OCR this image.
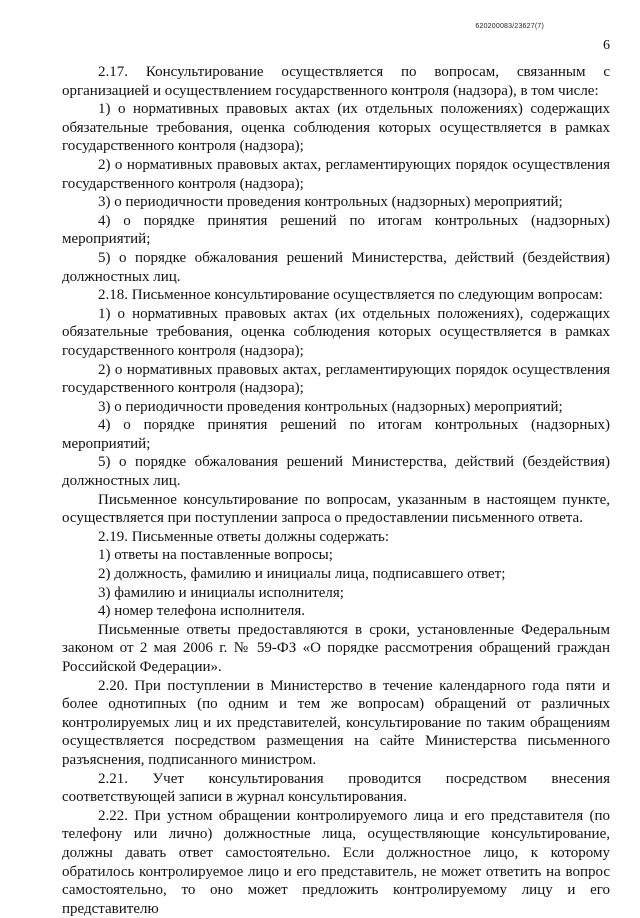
620200083/23627(7)
6

2.17. Консультирование осуществляется по вопросам, связанным с организацией и осуществлением государственного контроля (надзора), в том числе:

1) о нормативных правовых актах (их отдельных положениях) содержащих обязательные требования, оценка соблюдения которых осуществляется в рамках государственного контроля (надзора);

2) о нормативных правовых актах, регламентирующих порядок осуществления государственного контроля (надзора);

3) о периодичности проведения контрольных (надзорных) мероприятий;

4) о порядке принятия решений по итогам контрольных (надзорных) мероприятий;

5) о порядке обжалования решений Министерства, действий (бездействия) должностных лиц.

2.18. Письменное консультирование осуществляется по следующим вопросам:

1) о нормативных правовых актах (их отдельных положениях), содержащих обязательные требования, оценка соблюдения которых осуществляется в рамках государственного контроля (надзора);

2) о нормативных правовых актах, регламентирующих порядок осуществления государственного контроля (надзора);

3) о периодичности проведения контрольных (надзорных) мероприятий;

4) о порядке принятия решений по итогам контрольных (надзорных) мероприятий;

5) о порядке обжалования решений Министерства, действий (бездействия) должностных лиц.

Письменное консультирование по вопросам, указанным в настоящем пункте, осуществляется при поступлении запроса о предоставлении письменного ответа.

2.19. Письменные ответы должны содержать:

1) ответы на поставленные вопросы;

2) должность, фамилию и инициалы лица, подписавшего ответ;

3) фамилию и инициалы исполнителя;

4) номер телефона исполнителя.

Письменные ответы предоставляются в сроки, установленные Федеральным законом от 2 мая 2006 г. № 59-ФЗ «О порядке рассмотрения обращений граждан Российской Федерации».

2.20. При поступлении в Министерство в течение календарного года пяти и более однотипных (по одним и тем же вопросам) обращений от различных контролируемых лиц и их представителей, консультирование по таким обращениям осуществляется посредством размещения на сайте Министерства письменного разъяснения, подписанного министром.

2.21. Учет консультирования проводится посредством внесения соответствующей записи в журнал консультирования.

2.22. При устном обращении контролируемого лица и его представителя (по телефону или лично) должностные лица, осуществляющие консультирование, должны давать ответ самостоятельно. Если должностное лицо, к которому обратилось контролируемое лицо и его представитель, не может ответить на вопрос самостоятельно, то оно может предложить контролируемому лицу и его представителю
